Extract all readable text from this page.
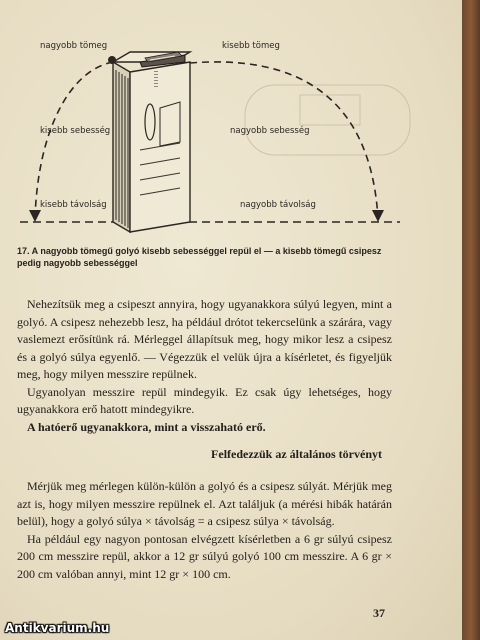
ǀǀǀǀǀǀ
nagyobb tömeg	kisebb tömeg
kisebb sebesség	nagyobb sebesség
kisebb távolság	nagyobb távolság
17. A nagyobb tömegű golyó kisebb sebességgel repül el — a kisebb tömegű csipesz pedig nagyobb sebességgel

Nehezítsük meg a csipeszt annyira, hogy ugyanakkora súlyú legyen, mint a golyó. A csipesz nehezebb lesz, ha például drótot tekercselünk a szárára, vagy vaslemezt erősítünk rá. Mérleggel állapítsuk meg, hogy mikor lesz a csipesz és a golyó súlya egyenlő. — Végezzük el velük újra a kísérletet, és figyeljük meg, hogy milyen messzire repülnek.

Ugyanolyan messzire repül mindegyik. Ez csak úgy lehetséges, hogy ugyanakkora erő hatott mindegyikre.

A hatóerő ugyanakkora, mint a visszaható erő.

Felfedezzük az általános törvényt

Mérjük meg mérlegen külön-külön a golyó és a csipesz súlyát. Mérjük meg azt is, hogy milyen messzire repülnek el. Azt találjuk (a mérési hibák határán belül), hogy a golyó súlya × távolság = a csipesz súlya × távolság.

Ha például egy nagyon pontosan elvégzett kísérletben a 6 gr súlyú csipesz 200 cm messzire repül, akkor a 12 gr súlyú golyó 100 cm messzire. A 6 gr × 200 cm valóban annyi, mint 12 gr × 100 cm.

37
Antikvarium.hu
